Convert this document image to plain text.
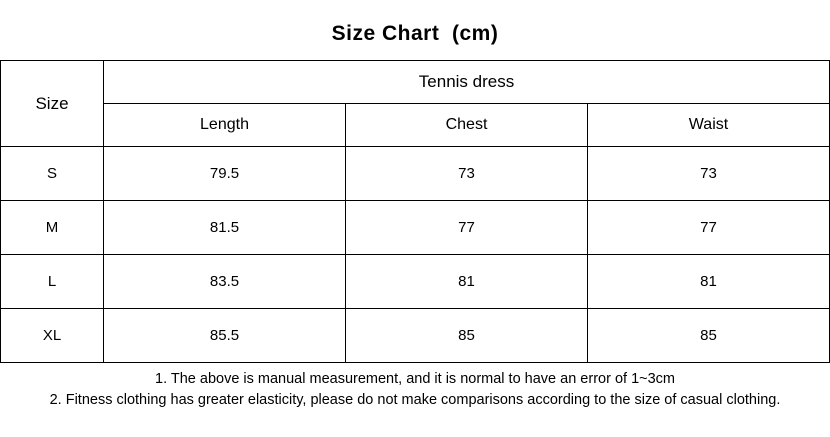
Size Chart  (cm)
Size	Tennis dress		
	Length	Chest	Waist
S	79.5	73	73
M	81.5	77	77
L	83.5	81	81
XL	85.5	85	85
1. The above is manual measurement, and it is normal to have an error of 1~3cm
2. Fitness clothing has greater elasticity, please do not make comparisons according to the size of casual clothing.
